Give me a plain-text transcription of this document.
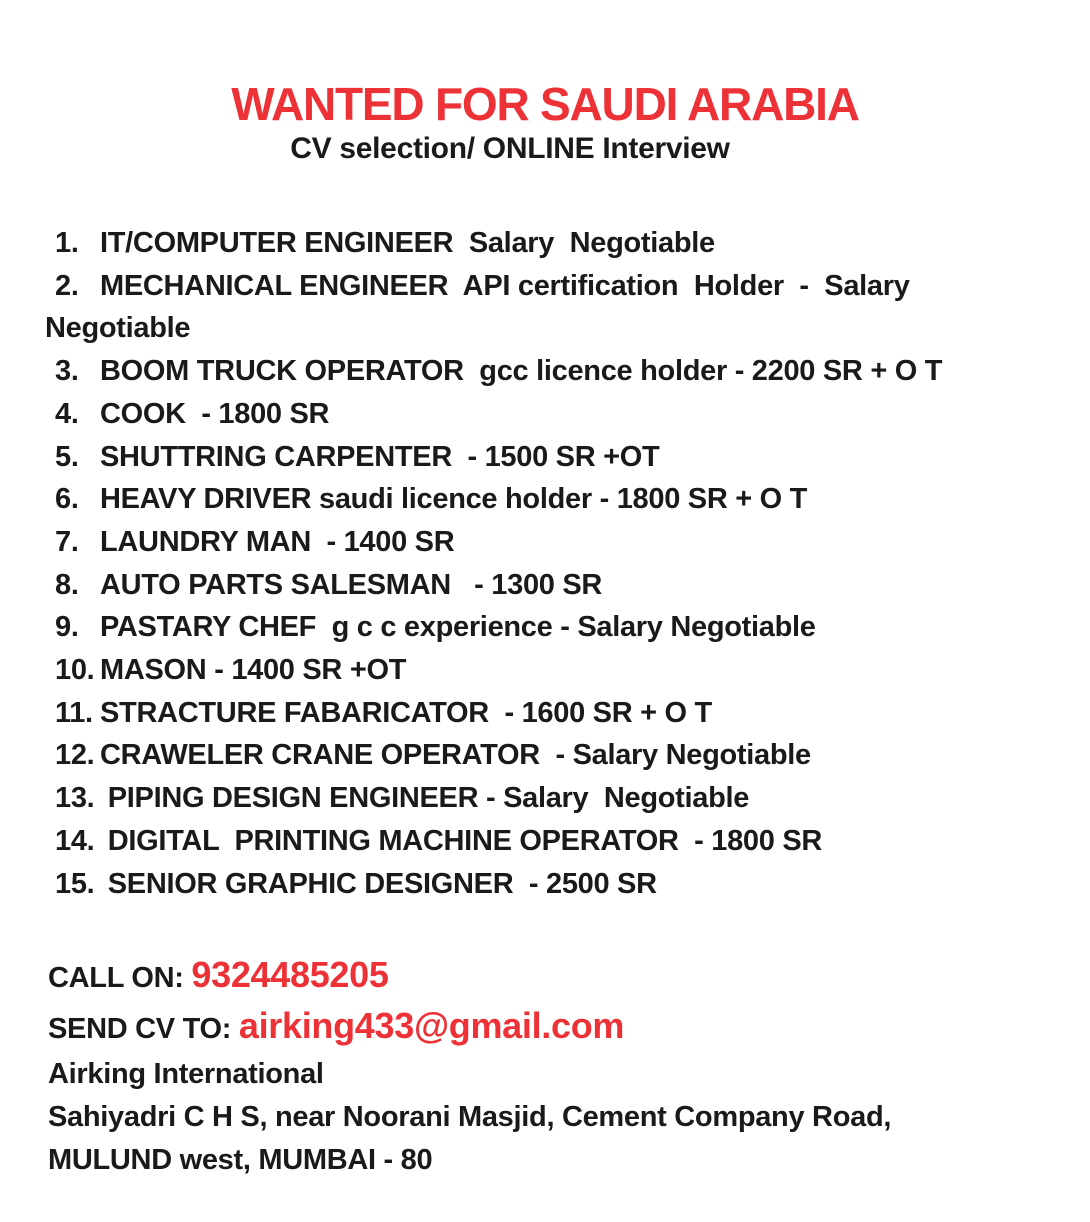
WANTED FOR SAUDI ARABIA
CV selection/ ONLINE Interview
1. IT/COMPUTER ENGINEER  Salary  Negotiable
2. MECHANICAL ENGINEER  API certification  Holder  -  Salary Negotiable
3. BOOM TRUCK OPERATOR  gcc licence holder - 2200 SR + O T
4. COOK  - 1800 SR
5. SHUTTRING CARPENTER  - 1500 SR +OT
6. HEAVY DRIVER saudi licence holder - 1800 SR + O T
7. LAUNDRY MAN  - 1400 SR
8. AUTO PARTS SALESMAN   - 1300 SR
9. PASTARY CHEF  g c c experience - Salary Negotiable
10. MASON - 1400 SR +OT
11. STRACTURE FABARICATOR  - 1600 SR + O T
12. CRAWELER CRANE OPERATOR  - Salary Negotiable
13. PIPING DESIGN ENGINEER - Salary  Negotiable
14. DIGITAL  PRINTING MACHINE OPERATOR  - 1800 SR
15. SENIOR GRAPHIC DESIGNER  - 2500 SR
CALL ON: 9324485205
SEND CV TO: airking433@gmail.com
Airking International
Sahiyadri C H S, near Noorani Masjid, Cement Company Road,
MULUND west, MUMBAI - 80
